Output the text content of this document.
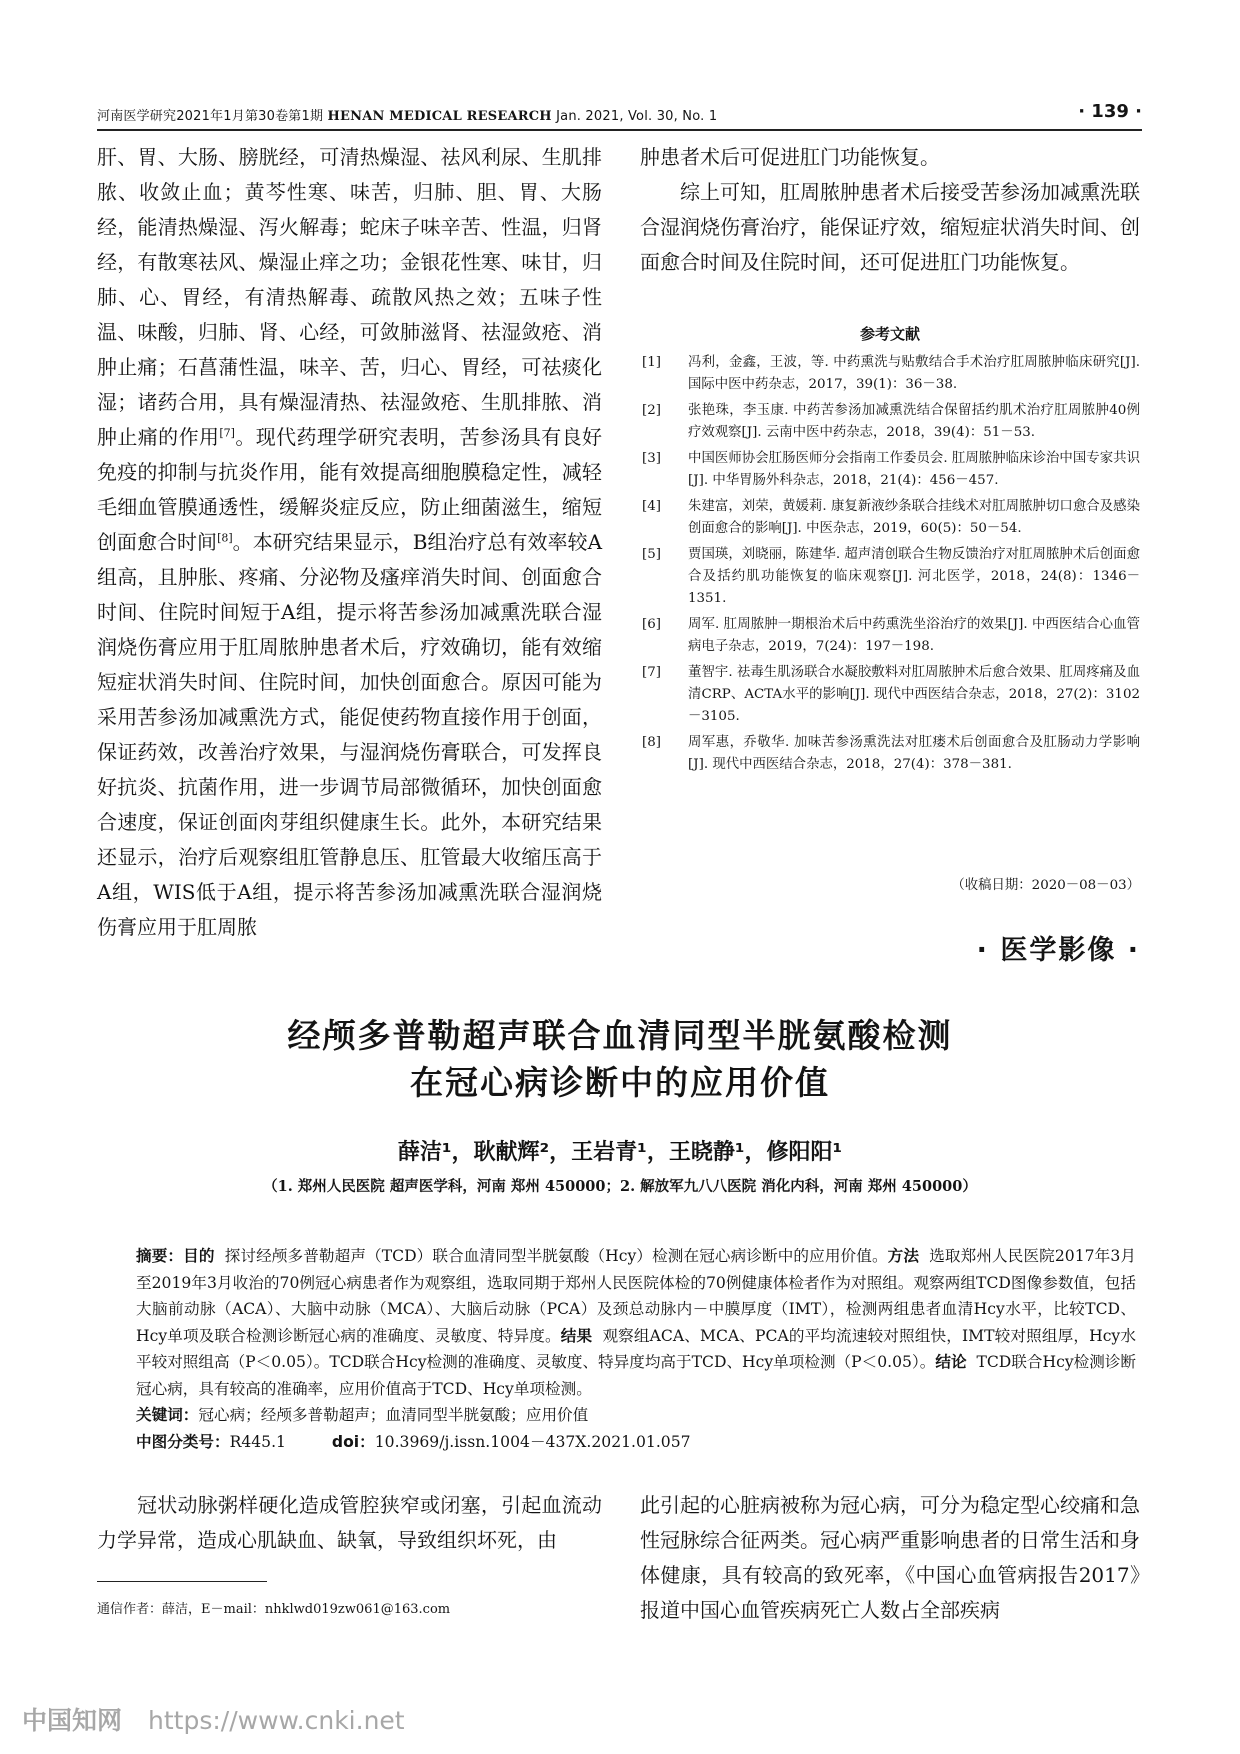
河南医学研究2021年1月第30卷第1期 HENAN MEDICAL RESEARCH Jan. 2021, Vol. 30, No. 1	· 139 ·

肝、胃、大肠、膀胱经，可清热燥湿、祛风利尿、生肌排脓、收敛止血；黄芩性寒、味苦，归肺、胆、胃、大肠经，能清热燥湿、泻火解毒；蛇床子味辛苦、性温，归肾经，有散寒祛风、燥湿止痒之功；金银花性寒、味甘，归肺、心、胃经，有清热解毒、疏散风热之效；五味子性温、味酸，归肺、肾、心经，可敛肺滋肾、祛湿敛疮、消肿止痛；石菖蒲性温，味辛、苦，归心、胃经，可祛痰化湿；诸药合用，具有燥湿清热、祛湿敛疮、生肌排脓、消肿止痛的作用[7]。现代药理学研究表明，苦参汤具有良好免疫的抑制与抗炎作用，能有效提高细胞膜稳定性，减轻毛细血管膜通透性，缓解炎症反应，防止细菌滋生，缩短创面愈合时间[8]。本研究结果显示，B组治疗总有效率较A组高，且肿胀、疼痛、分泌物及瘙痒消失时间、创面愈合时间、住院时间短于A组，提示将苦参汤加减熏洗联合湿润烧伤膏应用于肛周脓肿患者术后，疗效确切，能有效缩短症状消失时间、住院时间，加快创面愈合。原因可能为采用苦参汤加减熏洗方式，能促使药物直接作用于创面，保证药效，改善治疗效果，与湿润烧伤膏联合，可发挥良好抗炎、抗菌作用，进一步调节局部微循环，加快创面愈合速度，保证创面肉芽组织健康生长。此外，本研究结果还显示，治疗后观察组肛管静息压、肛管最大收缩压高于A组，WIS低于A组，提示将苦参汤加减熏洗联合湿润烧伤膏应用于肛周脓

肿患者术后可促进肛门功能恢复。

综上可知，肛周脓肿患者术后接受苦参汤加减熏洗联合湿润烧伤膏治疗，能保证疗效，缩短症状消失时间、创面愈合时间及住院时间，还可促进肛门功能恢复。

参考文献
[1] 冯利，金鑫，王波，等. 中药熏洗与贴敷结合手术治疗肛周脓肿临床研究[J]. 国际中医中药杂志，2017，39(1)：36－38.
[2] 张艳珠，李玉康. 中药苦参汤加减熏洗结合保留括约肌术治疗肛周脓肿40例疗效观察[J]. 云南中医中药杂志，2018，39(4)：51－53.
[3] 中国医师协会肛肠医师分会指南工作委员会. 肛周脓肿临床诊治中国专家共识[J]. 中华胃肠外科杂志，2018，21(4)：456－457.
[4] 朱建富，刘荣，黄媛莉. 康复新液纱条联合挂线术对肛周脓肿切口愈合及感染创面愈合的影响[J]. 中医杂志，2019，60(5)：50－54.
[5] 贾国瑛，刘晓丽，陈建华. 超声清创联合生物反馈治疗对肛周脓肿术后创面愈合及括约肌功能恢复的临床观察[J]. 河北医学，2018，24(8)：1346－1351.
[6] 周军. 肛周脓肿一期根治术后中药熏洗坐浴治疗的效果[J]. 中西医结合心血管病电子杂志，2019，7(24)：197－198.
[7] 董智宇. 祛毒生肌汤联合水凝胶敷料对肛周脓肿术后愈合效果、肛周疼痛及血清CRP、ACTA水平的影响[J]. 现代中西医结合杂志，2018，27(2)：3102－3105.
[8] 周军惠，乔敬华. 加味苦参汤熏洗法对肛瘘术后创面愈合及肛肠动力学影响[J]. 现代中西医结合杂志，2018，27(4)：378－381.
（收稿日期：2020－08－03）
· 医学影像 ·
经颅多普勒超声联合血清同型半胱氨酸检测
在冠心病诊断中的应用价值
薛洁¹，耿献辉²，王岩青¹，王晓静¹，修阳阳¹
（1. 郑州人民医院 超声医学科，河南 郑州 450000；2. 解放军九八八医院 消化内科，河南 郑州 450000）

摘要：目的 探讨经颅多普勒超声（TCD）联合血清同型半胱氨酸（Hcy）检测在冠心病诊断中的应用价值。方法 选取郑州人民医院2017年3月至2019年3月收治的70例冠心病患者作为观察组，选取同期于郑州人民医院体检的70例健康体检者作为对照组。观察两组TCD图像参数值，包括大脑前动脉（ACA）、大脑中动脉（MCA）、大脑后动脉（PCA）及颈总动脉内－中膜厚度（IMT），检测两组患者血清Hcy水平，比较TCD、Hcy单项及联合检测诊断冠心病的准确度、灵敏度、特异度。结果 观察组ACA、MCA、PCA的平均流速较对照组快，IMT较对照组厚，Hcy水平较对照组高（P＜0.05）。TCD联合Hcy检测的准确度、灵敏度、特异度均高于TCD、Hcy单项检测（P＜0.05）。结论 TCD联合Hcy检测诊断冠心病，具有较高的准确率，应用价值高于TCD、Hcy单项检测。

关键词：冠心病；经颅多普勒超声；血清同型半胱氨酸；应用价值

中图分类号：R445.1	doi：10.3969/j.issn.1004－437X.2021.01.057

冠状动脉粥样硬化造成管腔狭窄或闭塞，引起血流动力学异常，造成心肌缺血、缺氧，导致组织坏死，由

此引起的心脏病被称为冠心病，可分为稳定型心绞痛和急性冠脉综合征两类。冠心病严重影响患者的日常生活和身体健康，具有较高的致死率，《中国心血管病报告2017》报道中国心血管疾病死亡人数占全部疾病

通信作者：薛洁，E－mail：nhklwd019zw061@163.com
中国知网 https://www.cnki.net
